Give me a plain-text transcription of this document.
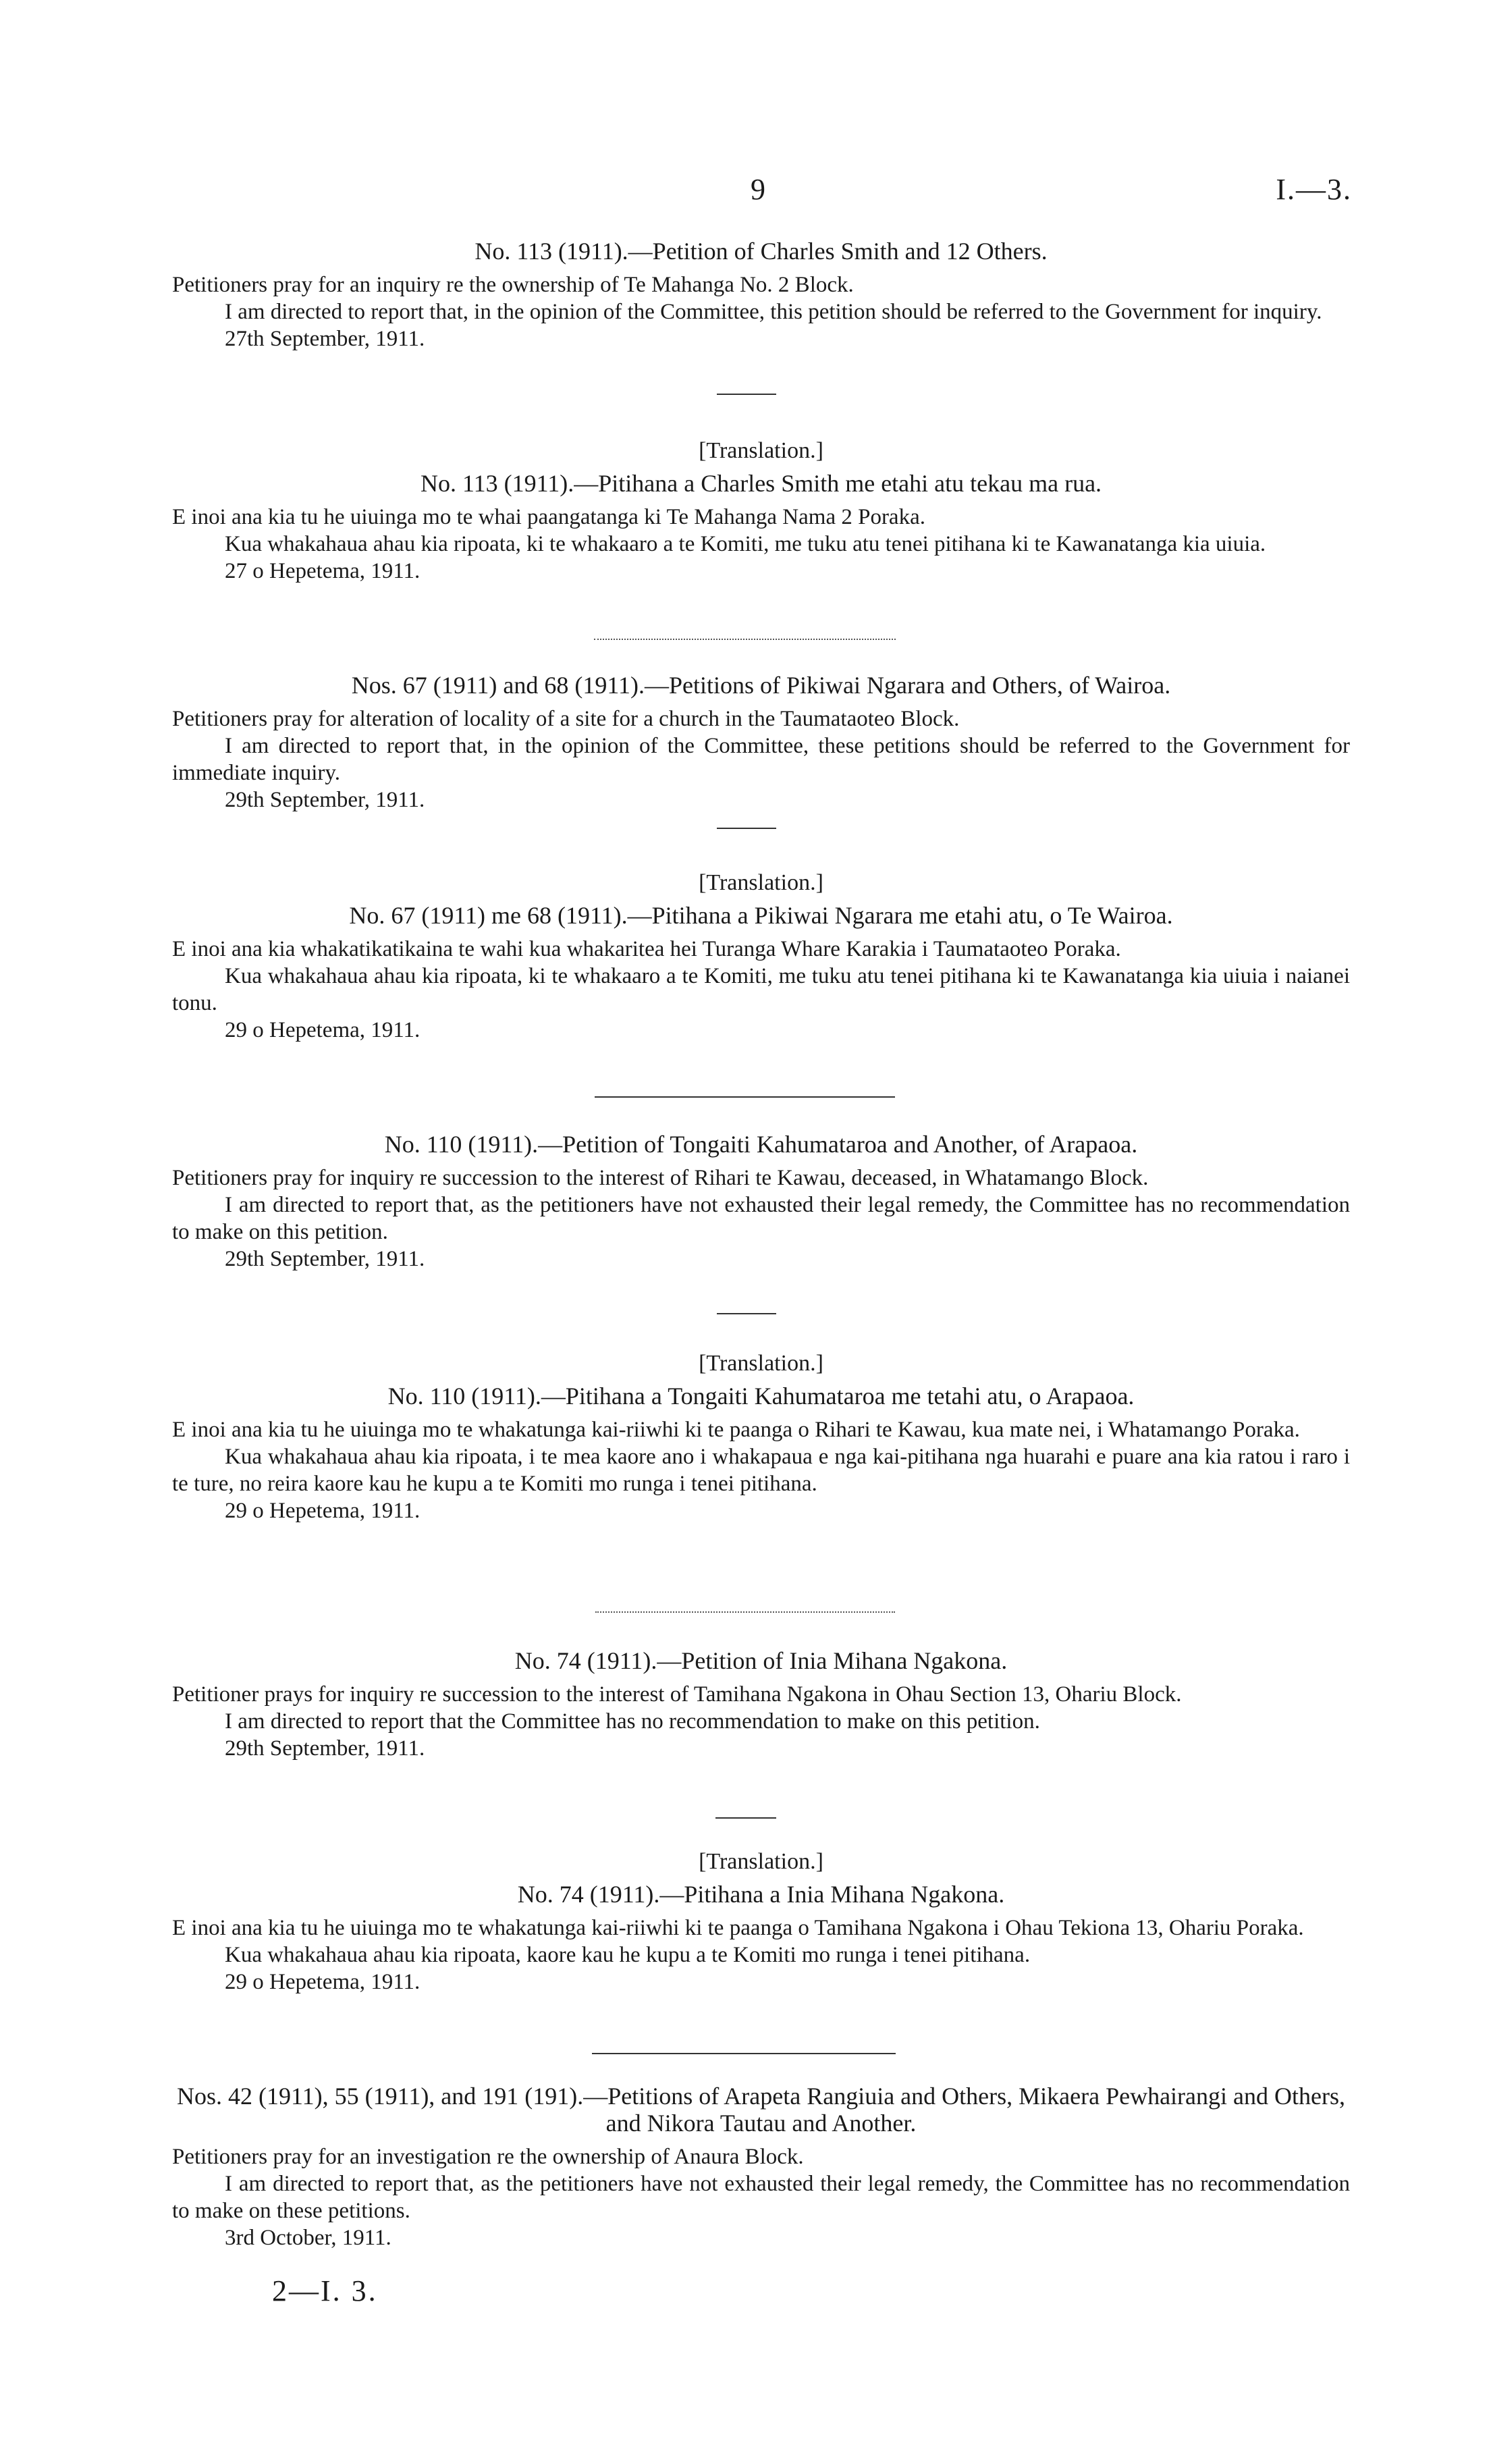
9	I.—3.
No. 113 (1911).—Petition of Charles Smith and 12 Others.

Petitioners pray for an inquiry re the ownership of Te Mahanga No. 2 Block.

I am directed to report that, in the opinion of the Committee, this petition should be referred to the Government for inquiry.

27th September, 1911.

[Translation.]
No. 113 (1911).—Pitihana a Charles Smith me etahi atu tekau ma rua.

E inoi ana kia tu he uiuinga mo te whai paangatanga ki Te Mahanga Nama 2 Poraka.

Kua whakahaua ahau kia ripoata, ki te whakaaro a te Komiti, me tuku atu tenei pitihana ki te Kawanatanga kia uiuia.

27 o Hepetema, 1911.

Nos. 67 (1911) and 68 (1911).—Petitions of Pikiwai Ngarara and Others, of Wairoa.

Petitioners pray for alteration of locality of a site for a church in the Taumataoteo Block.

I am directed to report that, in the opinion of the Committee, these petitions should be referred to the Government for immediate inquiry.

29th September, 1911.

[Translation.]
No. 67 (1911) me 68 (1911).—Pitihana a Pikiwai Ngarara me etahi atu, o Te Wairoa.

E inoi ana kia whakatikatikaina te wahi kua whakaritea hei Turanga Whare Karakia i Taumataoteo Poraka.

Kua whakahaua ahau kia ripoata, ki te whakaaro a te Komiti, me tuku atu tenei pitihana ki te Kawanatanga kia uiuia i naianei tonu.

29 o Hepetema, 1911.

No. 110 (1911).—Petition of Tongaiti Kahumataroa and Another, of Arapaoa.

Petitioners pray for inquiry re succession to the interest of Rihari te Kawau, deceased, in Whatamango Block.

I am directed to report that, as the petitioners have not exhausted their legal remedy, the Committee has no recommendation to make on this petition.

29th September, 1911.

[Translation.]
No. 110 (1911).—Pitihana a Tongaiti Kahumataroa me tetahi atu, o Arapaoa.

E inoi ana kia tu he uiuinga mo te whakatunga kai-riiwhi ki te paanga o Rihari te Kawau, kua mate nei, i Whatamango Poraka.

Kua whakahaua ahau kia ripoata, i te mea kaore ano i whakapaua e nga kai-pitihana nga huarahi e puare ana kia ratou i raro i te ture, no reira kaore kau he kupu a te Komiti mo runga i tenei pitihana.

29 o Hepetema, 1911.

No. 74 (1911).—Petition of Inia Mihana Ngakona.

Petitioner prays for inquiry re succession to the interest of Tamihana Ngakona in Ohau Section 13, Ohariu Block.

I am directed to report that the Committee has no recommendation to make on this petition.

29th September, 1911.

[Translation.]
No. 74 (1911).—Pitihana a Inia Mihana Ngakona.

E inoi ana kia tu he uiuinga mo te whakatunga kai-riiwhi ki te paanga o Tamihana Ngakona i Ohau Tekiona 13, Ohariu Poraka.

Kua whakahaua ahau kia ripoata, kaore kau he kupu a te Komiti mo runga i tenei pitihana.

29 o Hepetema, 1911.

Nos. 42 (1911), 55 (1911), and 191 (191).—Petitions of Arapeta Rangiuia and Others, Mikaera Pewhairangi and Others, and Nikora Tautau and Another.

Petitioners pray for an investigation re the ownership of Anaura Block.

I am directed to report that, as the petitioners have not exhausted their legal remedy, the Committee has no recommendation to make on these petitions.

3rd October, 1911.

2—I. 3.
